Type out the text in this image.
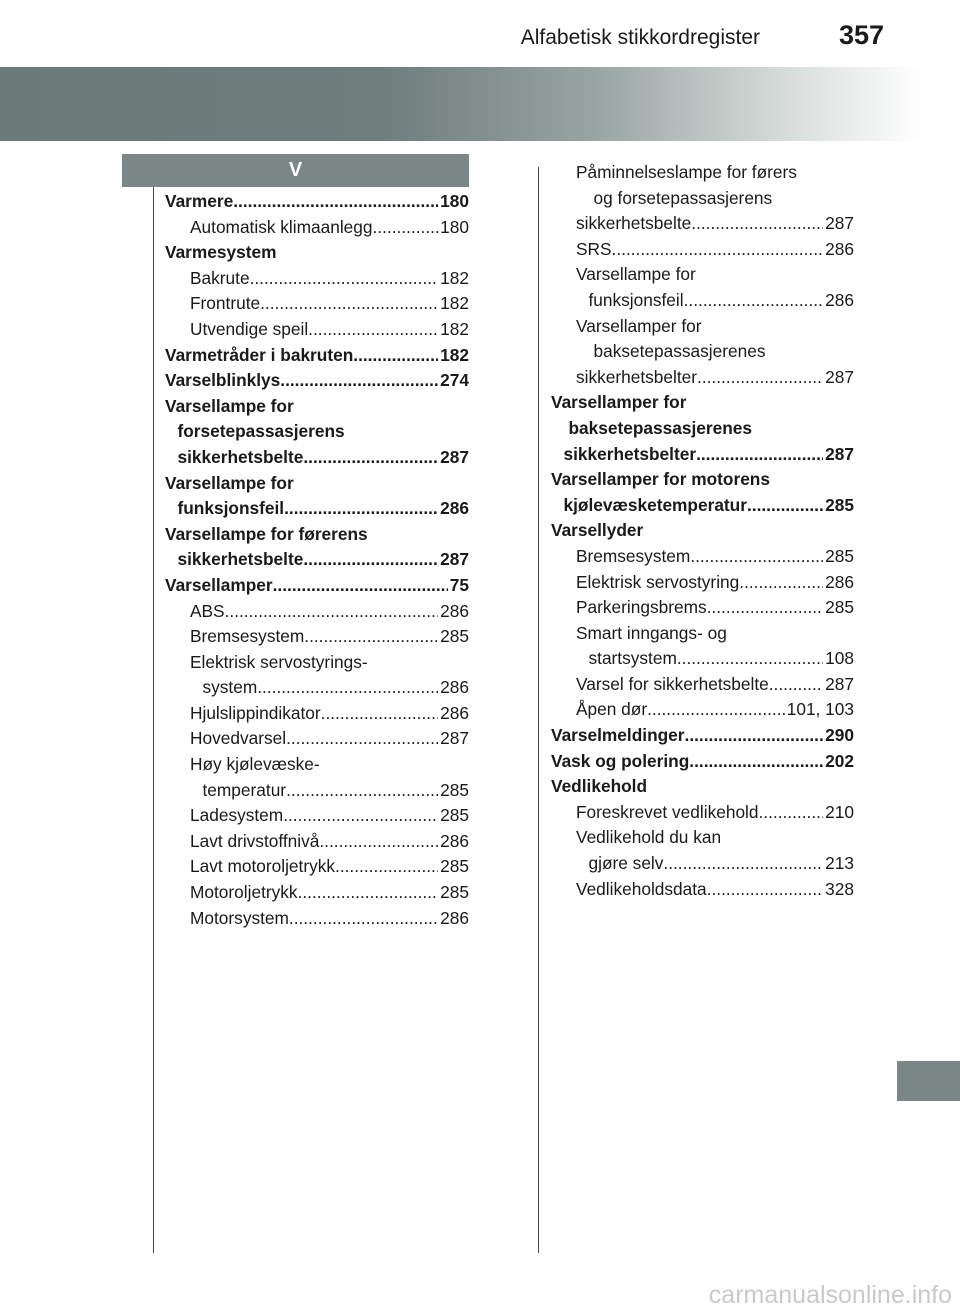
Alfabetisk stikkordregister	357
V
Varmere .....	180
Automatisk klimaanlegg .....	180
Varmesystem
Bakrute .....	182
Frontrute .....	182
Utvendige speil .....	182
Varmetråder i bakruten .....	182
Varselblinklys .....	274
Varsellampe for
forsetepassasjerens
sikkerhetsbelte .....	287
Varsellampe for
funksjonsfeil .....	286
Varsellampe for førerens
sikkerhetsbelte .....	287
Varsellamper .....	75
ABS .....	286
Bremsesystem .....	285
Elektrisk servostyrings-
system .....	286
Hjulslippindikator .....	286
Hovedvarsel .....	287
Høy kjølevæske-
temperatur .....	285
Ladesystem .....	285
Lavt drivstoffnivå .....	286
Lavt motoroljetrykk .....	285
Motoroljetrykk .....	285
Motorsystem .....	286
Påminnelseslampe for førers
og forsetepassasjerens
sikkerhetsbelte .....	287
SRS .....	286
Varsellampe for
funksjonsfeil .....	286
Varsellamper for
baksetepassasjerenes
sikkerhetsbelter .....	287
Varsellamper for
baksetepassasjerenes
sikkerhetsbelter .....	287
Varsellamper for motorens
kjølevæsketemperatur .....	285
Varsellyder
Bremsesystem .....	285
Elektrisk servostyring .....	286
Parkeringsbrems .....	285
Smart inngangs- og
startsystem .....	108
Varsel for sikkerhetsbelte .....	287
Åpen dør .....	101, 103
Varselmeldinger .....	290
Vask og polering .....	202
Vedlikehold
Foreskrevet vedlikehold .....	210
Vedlikehold du kan
gjøre selv .....	213
Vedlikeholdsdata .....	328
carmanualsonline.info
